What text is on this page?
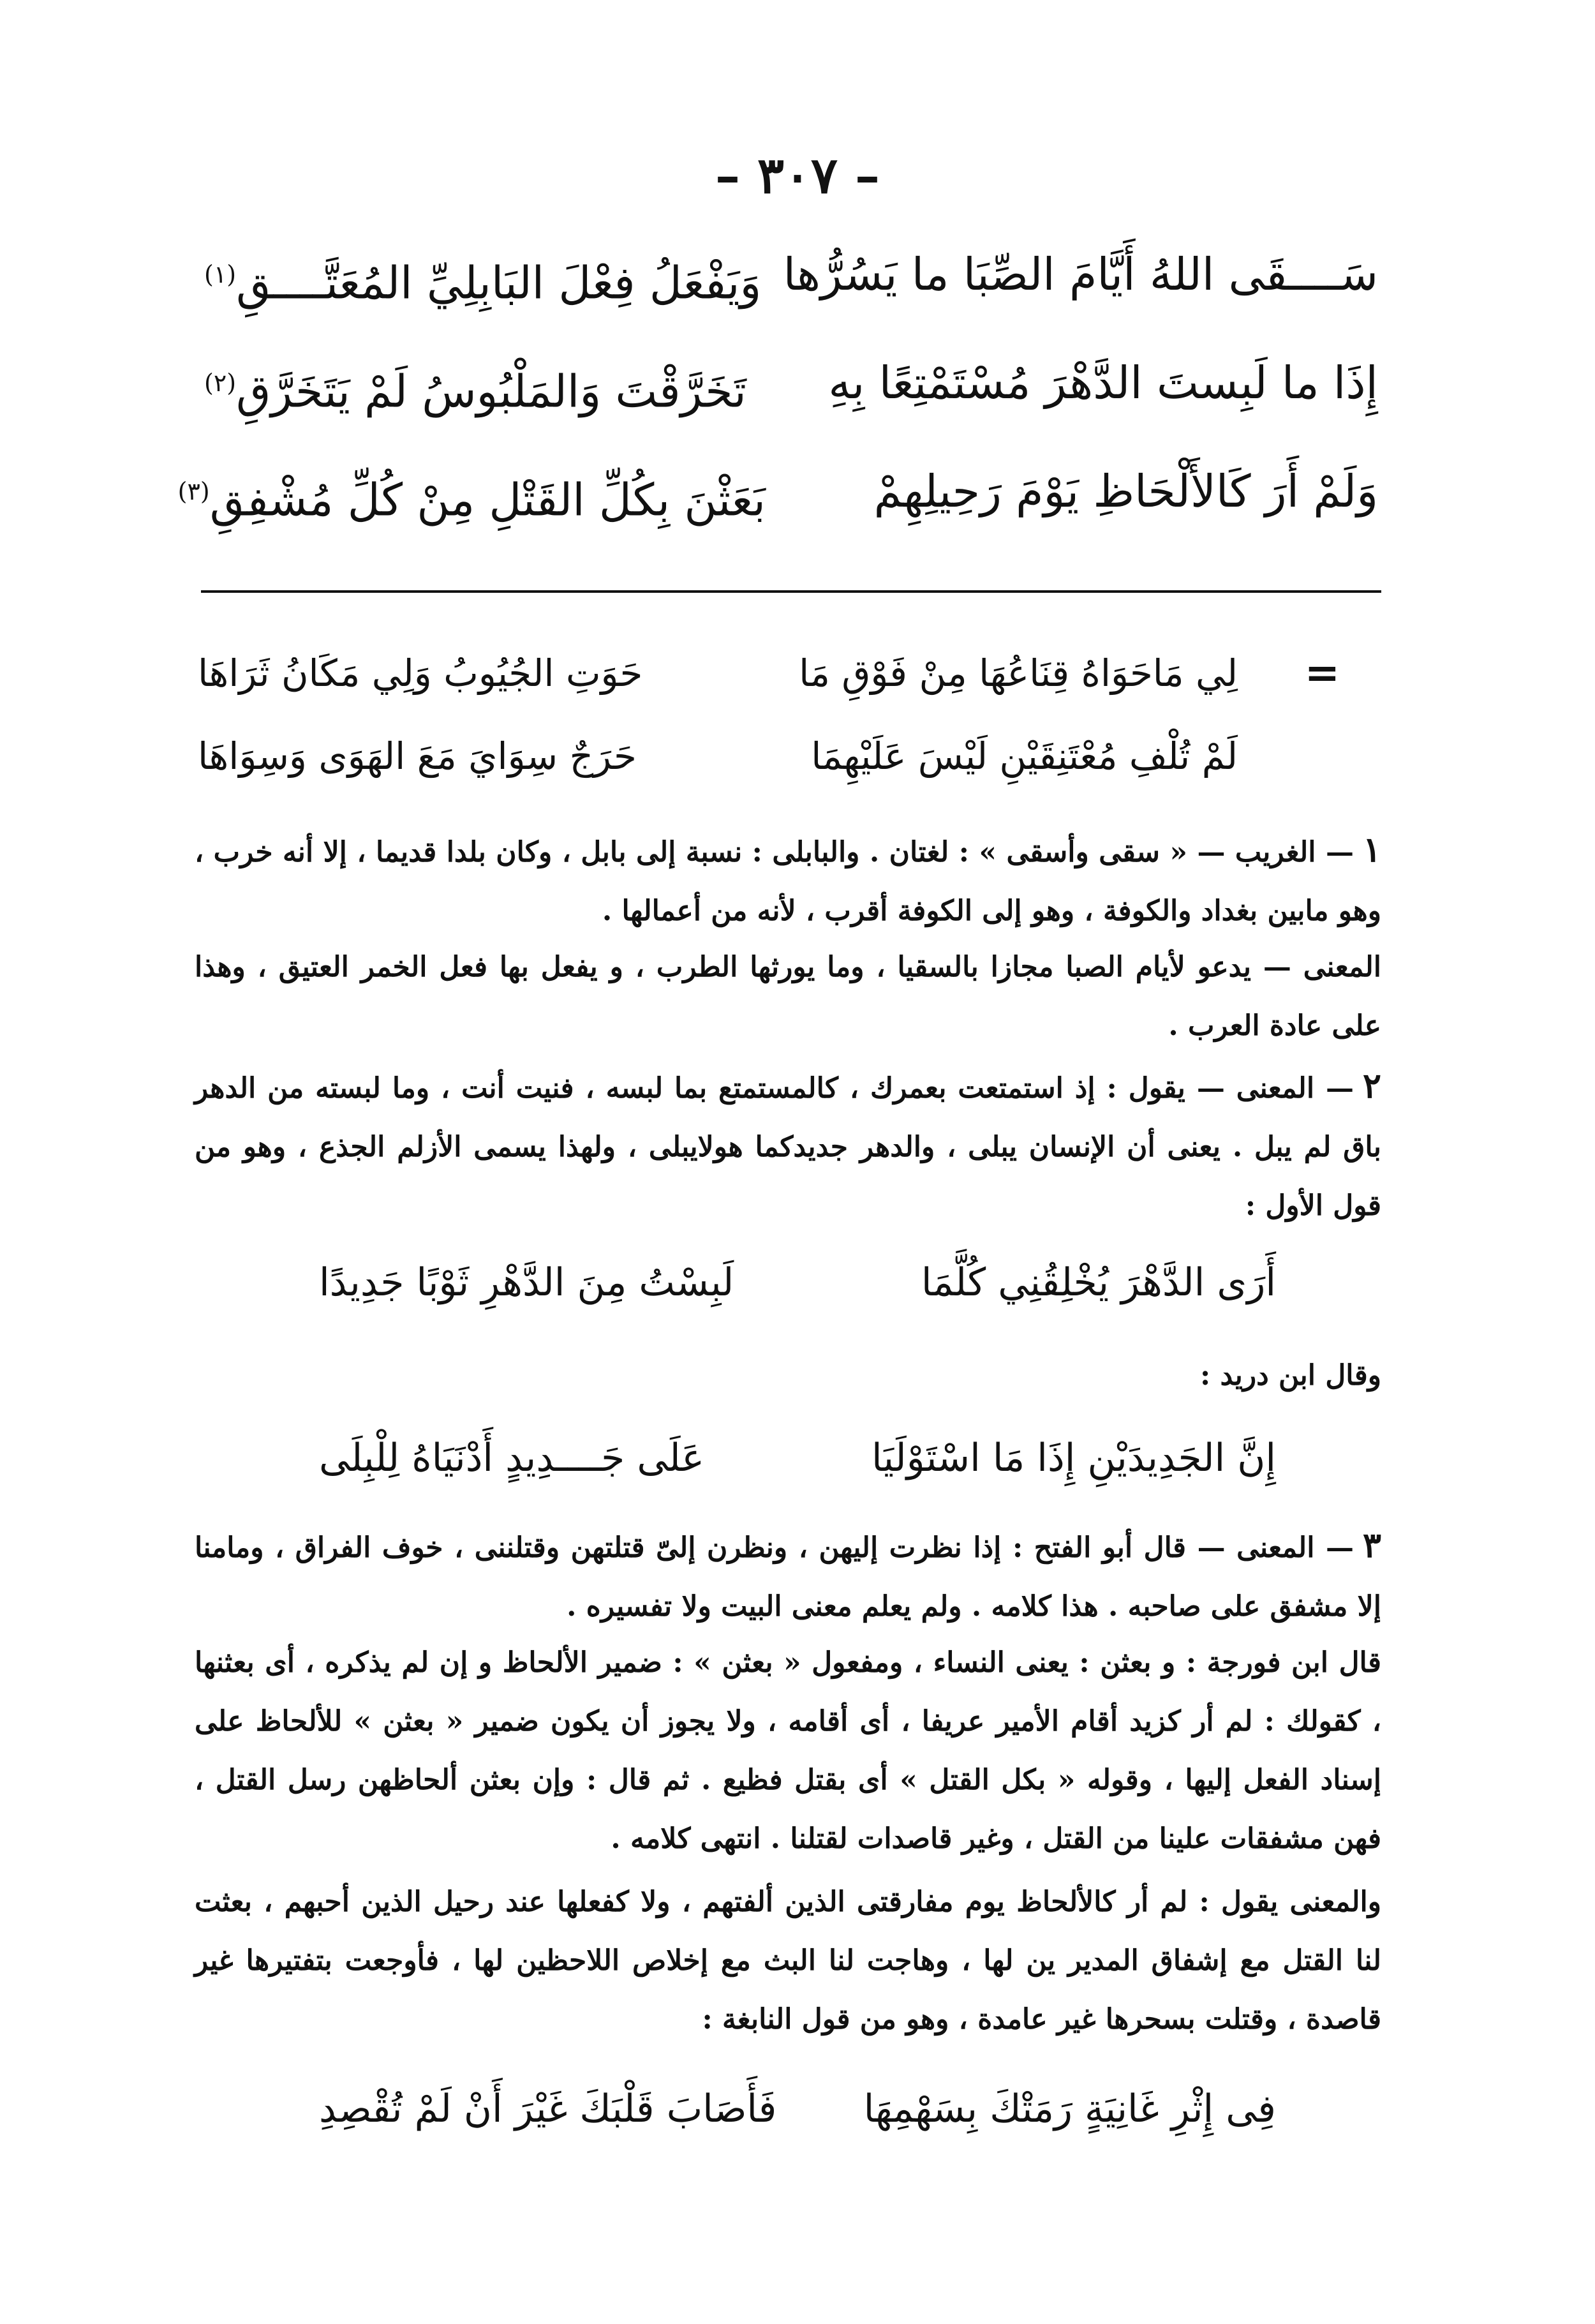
– ٣٠٧ –
سَــــقَى اللهُ أَيَّامَ الصِّبَا ما يَسُرُّها
وَيَفْعَلُ فِعْلَ البَابِلِيِّ المُعَتَّــــقِ$^{(١)}$
إِذَا ما لَبِستَ الدَّهْرَ مُسْتَمْتِعًا بِهِ
تَخَرَّقْتَ وَالمَلْبُوسُ لَمْ يَتَخَرَّقِ$^{(٢)}$
وَلَمْ أَرَ كَالأَلْحَاظِ يَوْمَ رَحِيلِهِمْ
بَعَثْنَ بِكُلِّ القَتْلِ مِنْ كُلِّ مُشْفِقِ$^{(٣)}$
=
لِي مَاحَوَاهُ قِنَاعُهَا مِنْ فَوْقِ مَا
حَوَتِ الجُيُوبُ وَلِي مَكَانُ ثَرَاهَا
لَمْ تُلْفِ مُعْتَنِقَيْنِ لَيْسَ عَلَيْهِمَا
حَرَجٌ سِوَايَ مَعَ الهَوَى وَسِوَاهَا
١— الغريب — « سقى وأسقى » : لغتان . والبابلى : نسبة إلى بابل ، وكان بلدا قديما ، إلا أنه خرب ، وهو مابين بغداد والكوفة ، وهو إلى الكوفة أقرب ، لأنه من أعمالها .
المعنى — يدعو لأيام الصبا مجازا بالسقيا ، وما يورثها الطرب ، و يفعل بها فعل الخمر العتيق ، وهذا على عادة العرب .
٢— المعنى — يقول : إذ استمتعت بعمرك ، كالمستمتع بما لبسه ، فنيت أنت ، وما لبسته من الدهر باق لم يبل . يعنى أن الإنسان يبلى ، والدهر جديدكما هولايبلى ، ولهذا يسمى الأزلم الجذع ، وهو من قول الأول :
أَرَى الدَّهْرَ يُخْلِقُنِي كُلَّمَا
لَبِسْتُ مِنَ الدَّهْرِ ثَوْبًا جَدِيدًا
وقال ابن دريد :
إِنَّ الجَدِيدَيْنِ إِذَا مَا اسْتَوْلَيَا
عَلَى جَــــدِيدٍ أَدْنَيَاهُ لِلْبِلَى
٣— المعنى — قال أبو الفتح : إذا نظرت إليهن ، ونظرن إلىّ قتلتهن وقتلننى ، خوف الفراق ، ومامنا إلا مشفق على صاحبه . هذا كلامه . ولم يعلم معنى البيت ولا تفسيره .
قال ابن فورجة : و بعثن : يعنى النساء ، ومفعول « بعثن » : ضمير الألحاظ و إن لم يذكره ، أى بعثنها ، كقولك : لم أر كزيد أقام الأمير عريفا ، أى أقامه ، ولا يجوز أن يكون ضمير « بعثن » للألحاظ على إسناد الفعل إليها ، وقوله « بكل القتل » أى بقتل فظيع . ثم قال : وإن بعثن ألحاظهن رسل القتل ، فهن مشفقات علينا من القتل ، وغير قاصدات لقتلنا . انتهى كلامه .
والمعنى يقول : لم أر كالألحاظ يوم مفارقتى الذين ألفتهم ، ولا كفعلها عند رحيل الذين أحبهم ، بعثت لنا القتل مع إشفاق المدير ين لها ، وهاجت لنا البث مع إخلاص اللاحظين لها ، فأوجعت بتفتيرها غير قاصدة ، وقتلت بسحرها غير عامدة ، وهو من قول النابغة :
فِى إِثْرِ غَانِيَةٍ رَمَتْكَ بِسَهْمِهَا
فَأَصَابَ قَلْبَكَ غَيْرَ أَنْ لَمْ تُقْصِدِ
